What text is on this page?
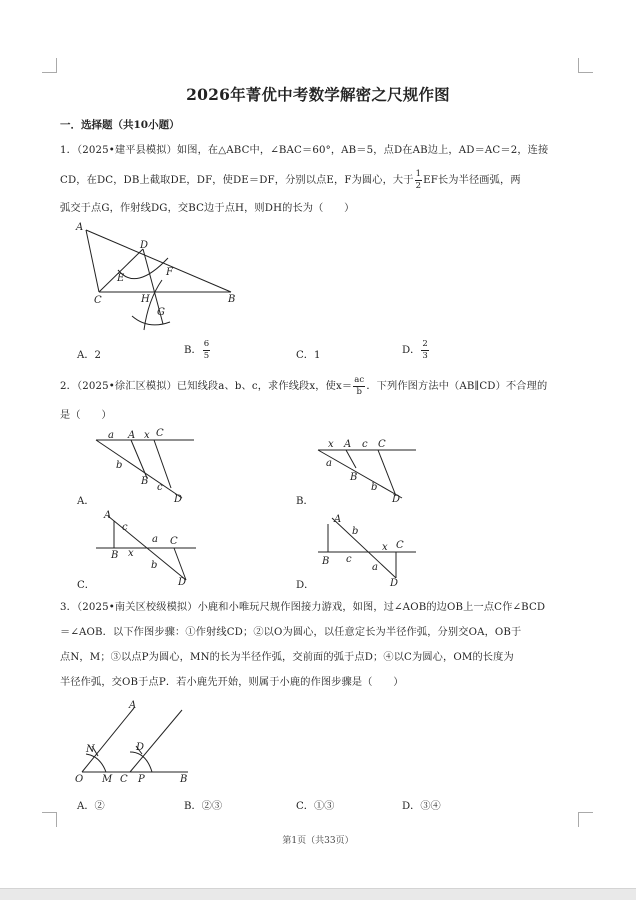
2026年菁优中考数学解密之尺规作图
一．选择题（共10小题）
1．（2025•建平县模拟）如图，在△ABC中，∠BAC＝60°，AB＝5，点D在AB边上，AD＝AC＝2，连接
CD，在DC，DB上截取DE，DF，使DE＝DF，分别以点E，F为圆心，大于 $\frac{1}{2}$ EF长为半径画弧，两
弧交于点G，作射线DG，交BC边于点H，则DH的长为（　　）
A
D
E
F
C	H	B
G
A．2	B． $\frac{6}{5}$	C．1	D． $\frac{2}{3}$
2．（2025•徐汇区模拟）已知线段a、b、c，求作线段x，使$x= \frac{ac}{b}$ ．下列作图方法中（AB∥CD）不合理的
是（　　）
a A x C
b
B
c
D
A．
x A c C
a
B
b
D
B．
A
c
a C
B x
b
D
C．
A
b
x C
B c
a
D
D．
3．（2025•南关区校级模拟）小鹿和小唯玩尺规作图接力游戏，如图，过∠AOB的边OB上一点C作∠BCD
＝∠AOB．以下作图步骤：①作射线CD；②以O为圆心，以任意定长为半径作弧，分别交OA，OB于
点N，M；③以点P为圆心，MN的长为半径作弧，交前面的弧于点D；④以C为圆心，OM的长度为
半径作弧，交OB于点P．若小鹿先开始，则属于小鹿的作图步骤是（　　）
A
N	D
O M C P	B
A．②	B．②③	C．①③	D．③④
第1页（共33页）
